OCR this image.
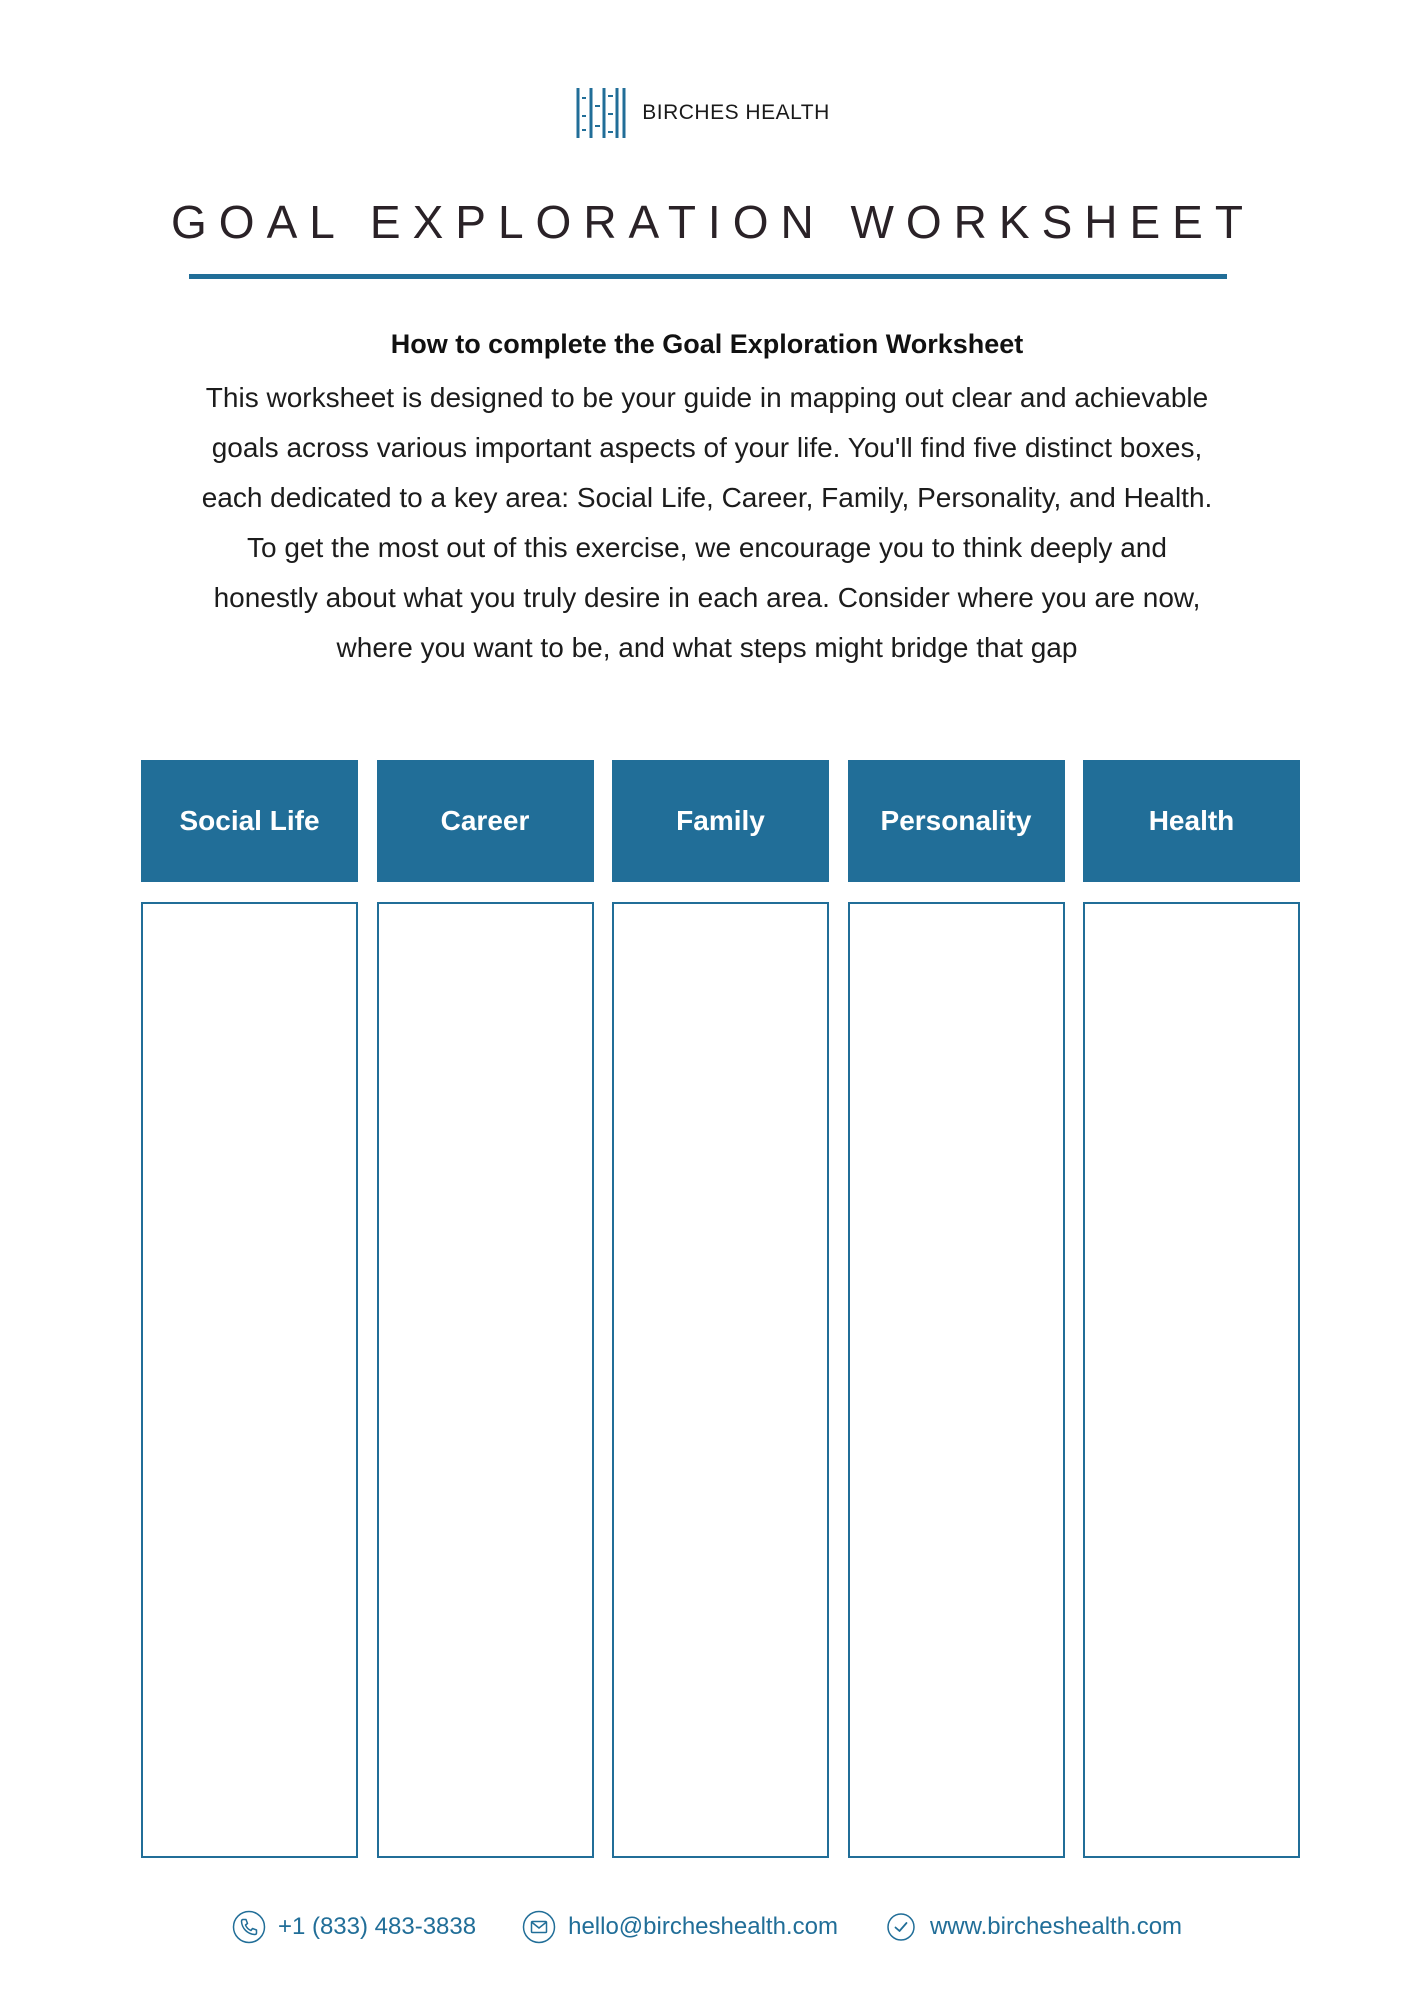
BIRCHES HEALTH
GOAL EXPLORATION WORKSHEET

How to complete the Goal Exploration Worksheet

This worksheet is designed to be your guide in mapping out clear and achievable
goals across various important aspects of your life. You'll find five distinct boxes,
each dedicated to a key area: Social Life, Career, Family, Personality, and Health.
To get the most out of this exercise, we encourage you to think deeply and
honestly about what you truly desire in each area. Consider where you are now,
where you want to be, and what steps might bridge that gap

Social Life	Career	Family	Personality	Health
+1 (833) 483-3838	hello@bircheshealth.com	www.bircheshealth.com
